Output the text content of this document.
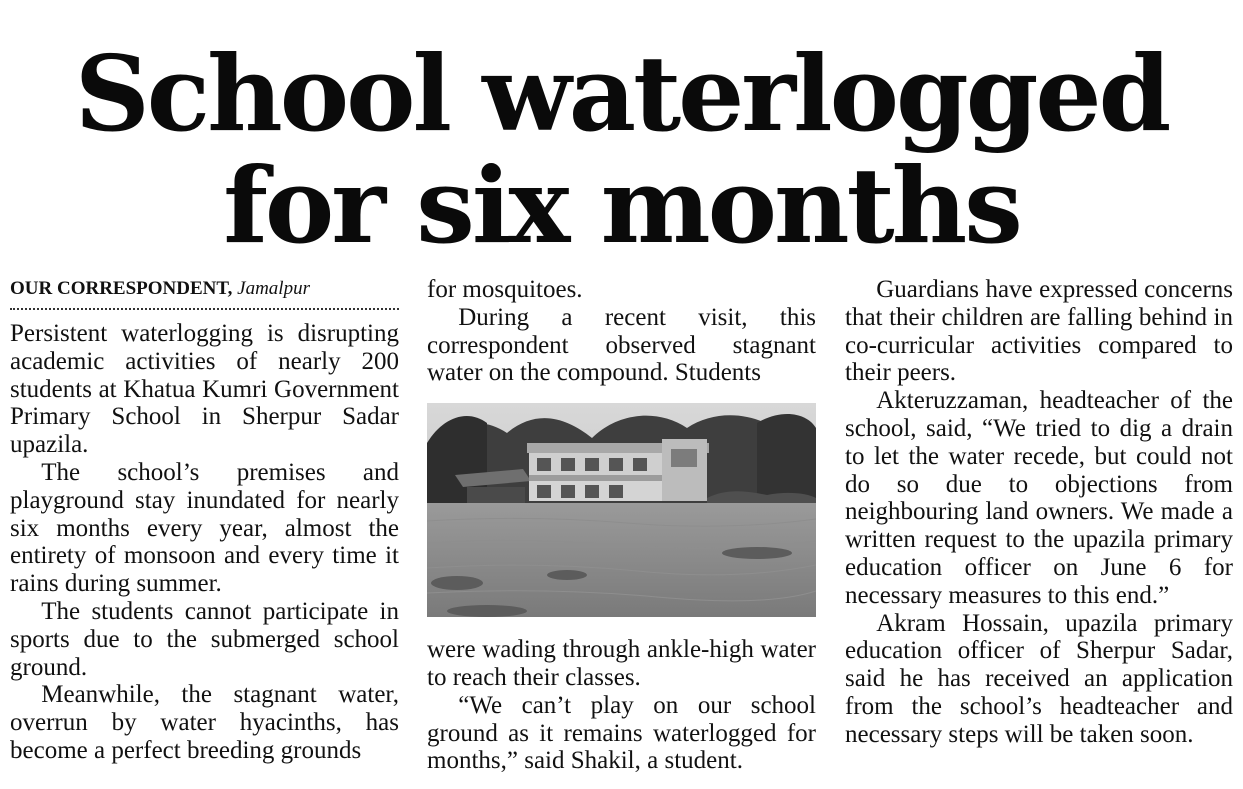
School waterlogged
for six months
OUR CORRESPONDENT, Jamalpur

Persistent waterlogging is disrupting academic activities of nearly 200 students at Khatua Kumri Government Primary School in Sherpur Sadar upazila.

The school’s premises and playground stay inundated for nearly six months every year, almost the entirety of monsoon and every time it rains during summer.

The students cannot participate in sports due to the submerged school ground.

Meanwhile, the stagnant water, overrun by water hyacinths, has become a perfect breeding grounds

for mosquitoes.

During a recent visit, this correspondent observed stagnant water on the compound. Students

were wading through ankle-high water to reach their classes.

“We can’t play on our school ground as it remains waterlogged for months,” said Shakil, a student.

Guardians have expressed concerns that their children are falling behind in co-curricular activities compared to their peers.

Akteruzzaman, headteacher of the school, said, “We tried to dig a drain to let the water recede, but could not do so due to objections from neighbouring land owners. We made a written request to the upazila primary education officer on June 6 for necessary measures to this end.”

Akram Hossain, upazila primary education officer of Sherpur Sadar, said he has received an application from the school’s headteacher and necessary steps will be taken soon.
